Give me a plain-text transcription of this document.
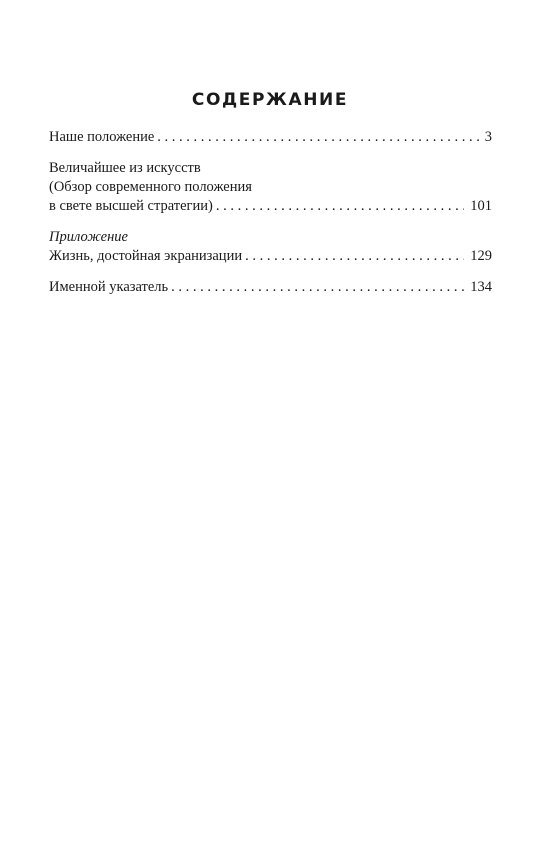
СОДЕРЖАНИЕ
Наше положение . . .	3
Величайшее из искусств
(Обзор современного положения
в свете высшей стратегии) . . .	101
Приложение
Жизнь, достойная экранизации . . .	129
Именной указатель . . .	134
